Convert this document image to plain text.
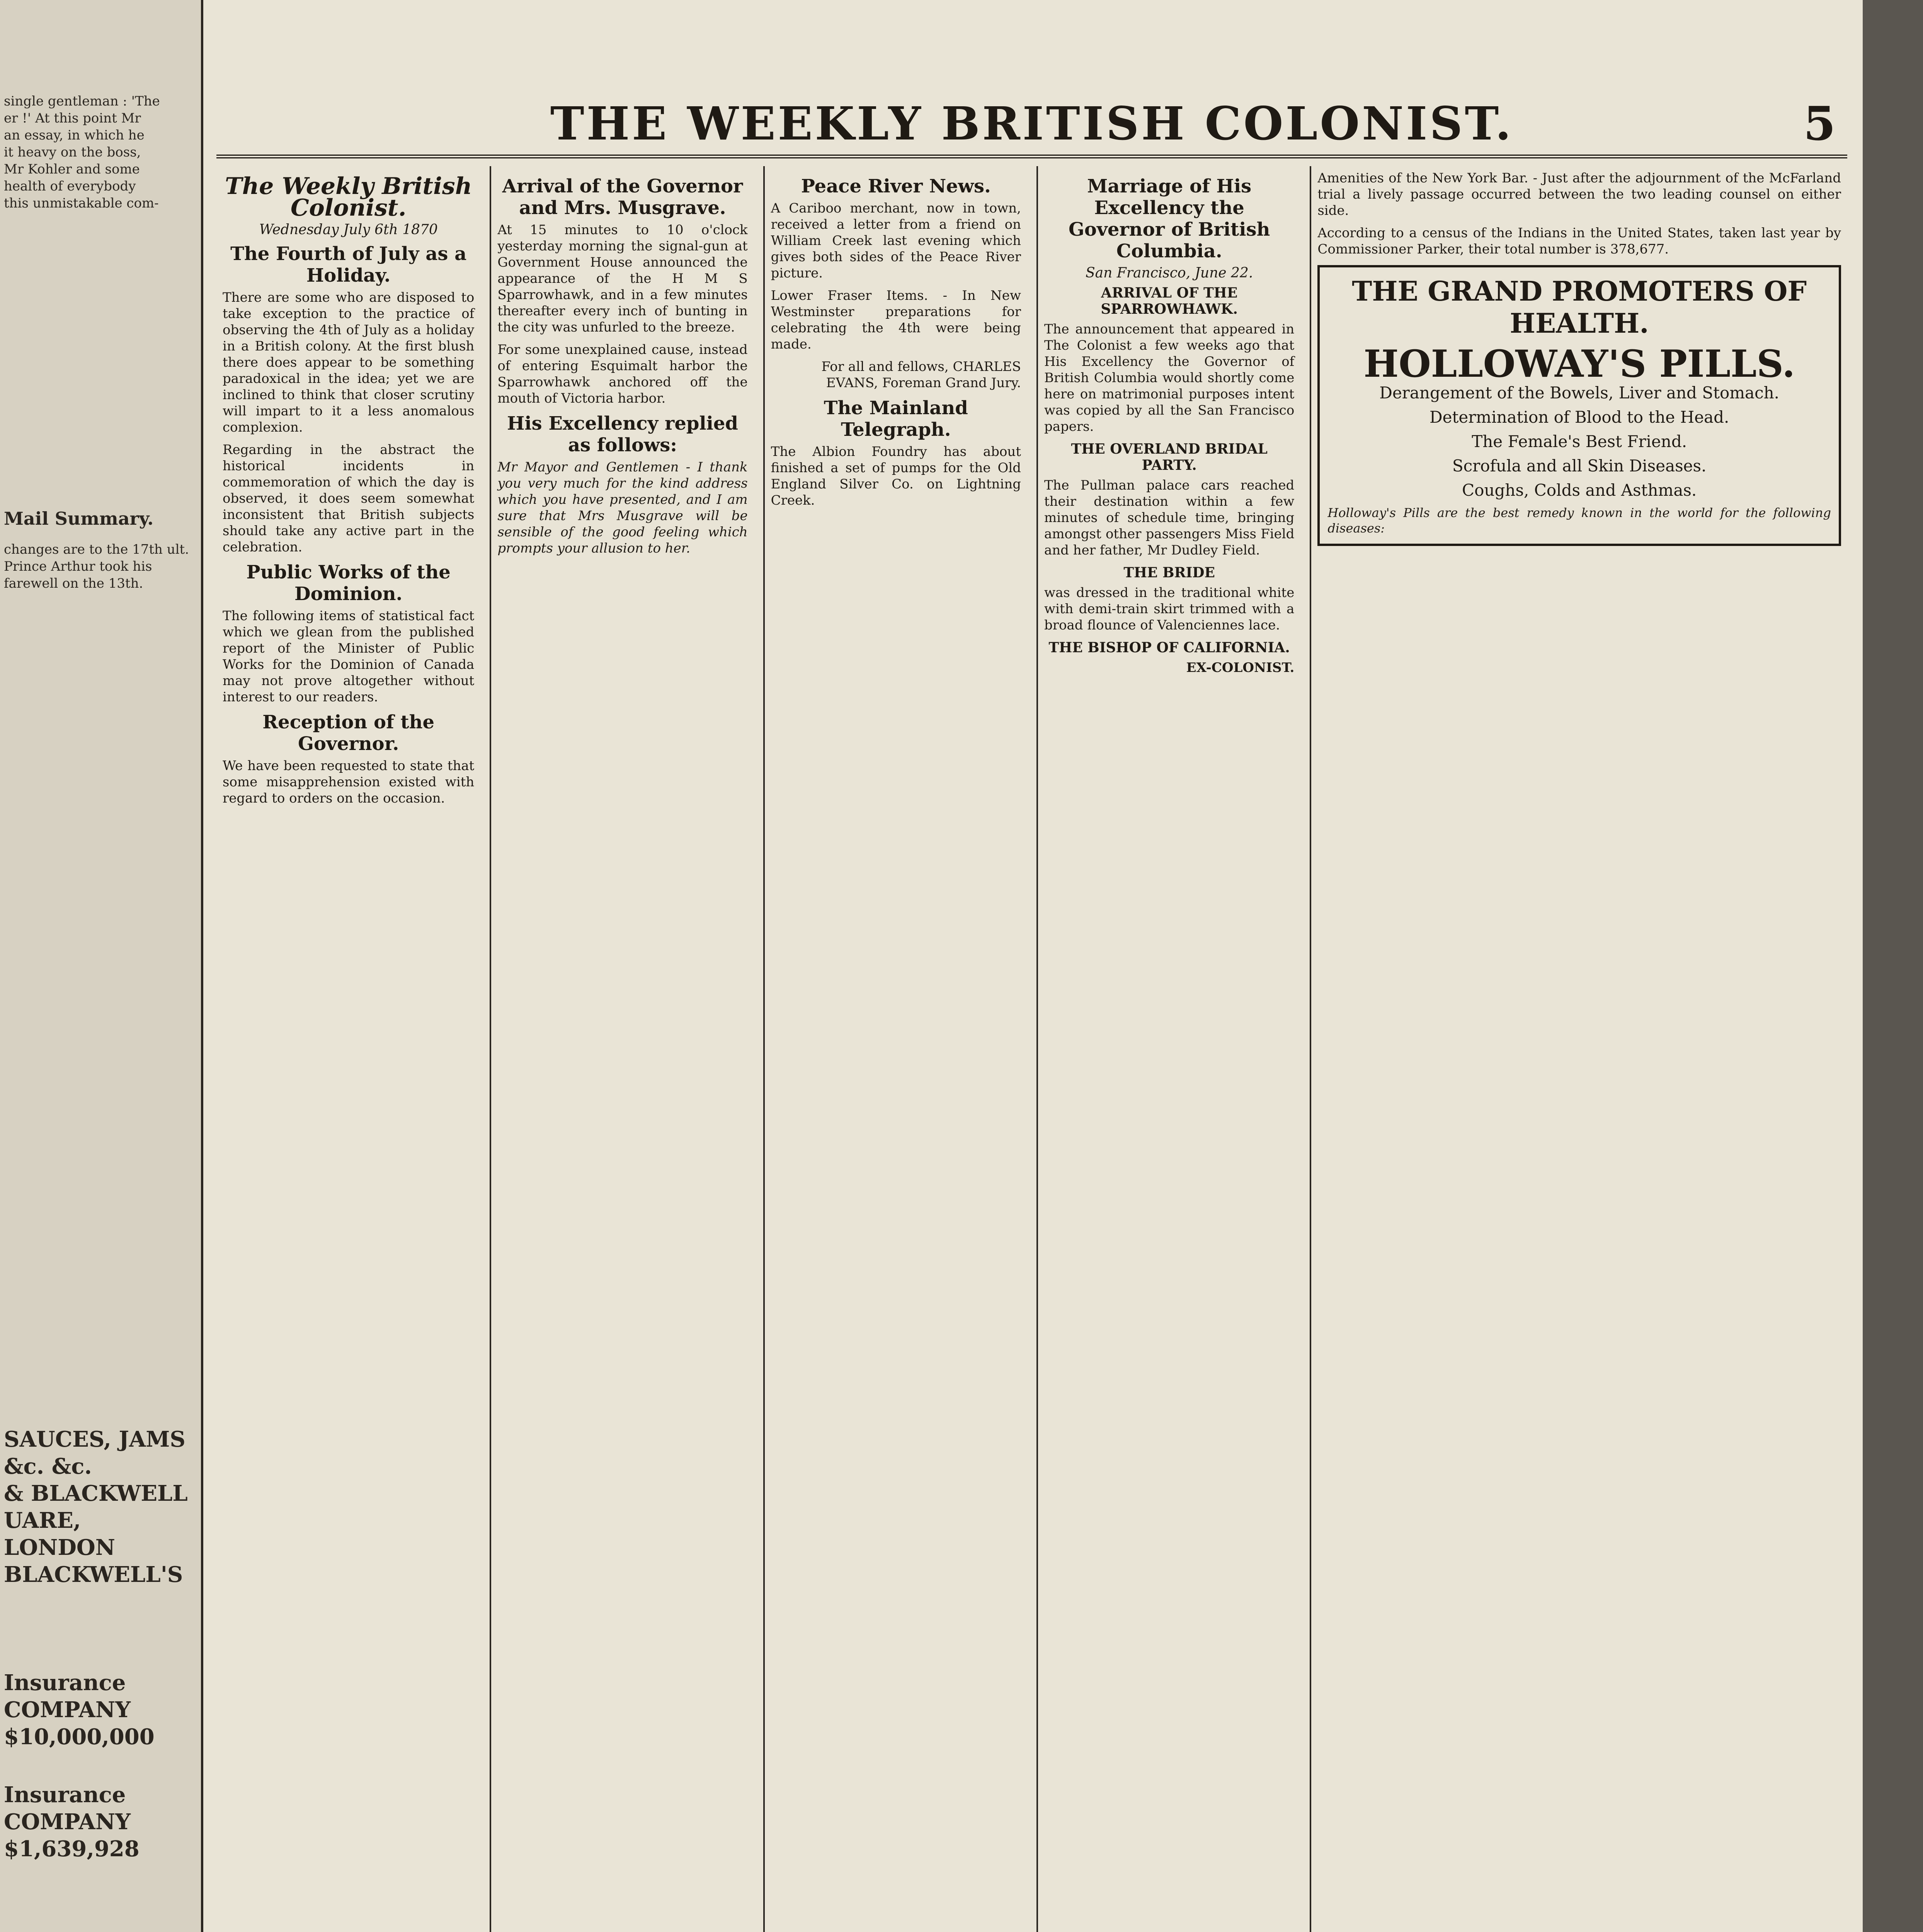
single gentleman : 'The
er !' At this point Mr
an essay, in which he
it heavy on the boss,
Mr Kohler and some
health of everybody
this unmistakable com-
Mail Summary.
changes are to the 17th ult.
Prince Arthur took his
farewell on the 13th.
SAUCES, JAMS
&c. &c.
& BLACKWELL
UARE, LONDON
BLACKWELL'S
Insurance
COMPANY
$10,000,000
Insurance
COMPANY
$1,639,928
THE WEEKLY BRITISH COLONIST.	5
The Weekly British Colonist.
Wednesday July 6th 1870
The Fourth of July as a Holiday.

There are some who are disposed to take exception to the practice of observing the 4th of July as a holiday in a British colony. At the first blush there does appear to be something paradoxical in the idea; yet we are inclined to think that closer scrutiny will impart to it a less anomalous complexion.

Regarding in the abstract the historical incidents in commemoration of which the day is observed, it does seem somewhat inconsistent that British subjects should take any active part in the celebration.

Public Works of the Dominion.

The following items of statistical fact which we glean from the published report of the Minister of Public Works for the Dominion of Canada may not prove altogether without interest to our readers.

Reception of the Governor.

We have been requested to state that some misapprehension existed with regard to orders on the occasion.

Arrival of the Governor and Mrs. Musgrave.

At 15 minutes to 10 o'clock yesterday morning the signal-gun at Government House announced the appearance of the H M S Sparrowhawk, and in a few minutes thereafter every inch of bunting in the city was unfurled to the breeze.

For some unexplained cause, instead of entering Esquimalt harbor the Sparrowhawk anchored off the mouth of Victoria harbor.

His Excellency replied as follows:

Mr Mayor and Gentlemen - I thank you very much for the kind address which you have presented, and I am sure that Mrs Musgrave will be sensible of the good feeling which prompts your allusion to her.

Peace River News.

A Cariboo merchant, now in town, received a letter from a friend on William Creek last evening which gives both sides of the Peace River picture.

Lower Fraser Items. - In New Westminster preparations for celebrating the 4th were being made.

For all and fellows, CHARLES EVANS, Foreman Grand Jury.

The Mainland Telegraph.

The Albion Foundry has about finished a set of pumps for the Old England Silver Co. on Lightning Creek.

Marriage of His Excellency the Governor of British Columbia.
San Francisco, June 22.
ARRIVAL OF THE SPARROWHAWK.

The announcement that appeared in The Colonist a few weeks ago that His Excellency the Governor of British Columbia would shortly come here on matrimonial purposes intent was copied by all the San Francisco papers.

THE OVERLAND BRIDAL PARTY.

The Pullman palace cars reached their destination within a few minutes of schedule time, bringing amongst other passengers Miss Field and her father, Mr Dudley Field.

THE BRIDE

was dressed in the traditional white with demi-train skirt trimmed with a broad flounce of Valenciennes lace.

THE BISHOP OF CALIFORNIA.

EX-COLONIST.

Amenities of the New York Bar. - Just after the adjournment of the McFarland trial a lively passage occurred between the two leading counsel on either side.

According to a census of the Indians in the United States, taken last year by Commissioner Parker, their total number is 378,677.

THE GRAND PROMOTERS OF HEALTH.
HOLLOWAY'S PILLS.
Derangement of the Bowels, Liver and Stomach.
Determination of Blood to the Head.
The Female's Best Friend.
Scrofula and all Skin Diseases.
Coughs, Colds and Asthmas.
Holloway's Pills are the best remedy known in the world for the following diseases:
